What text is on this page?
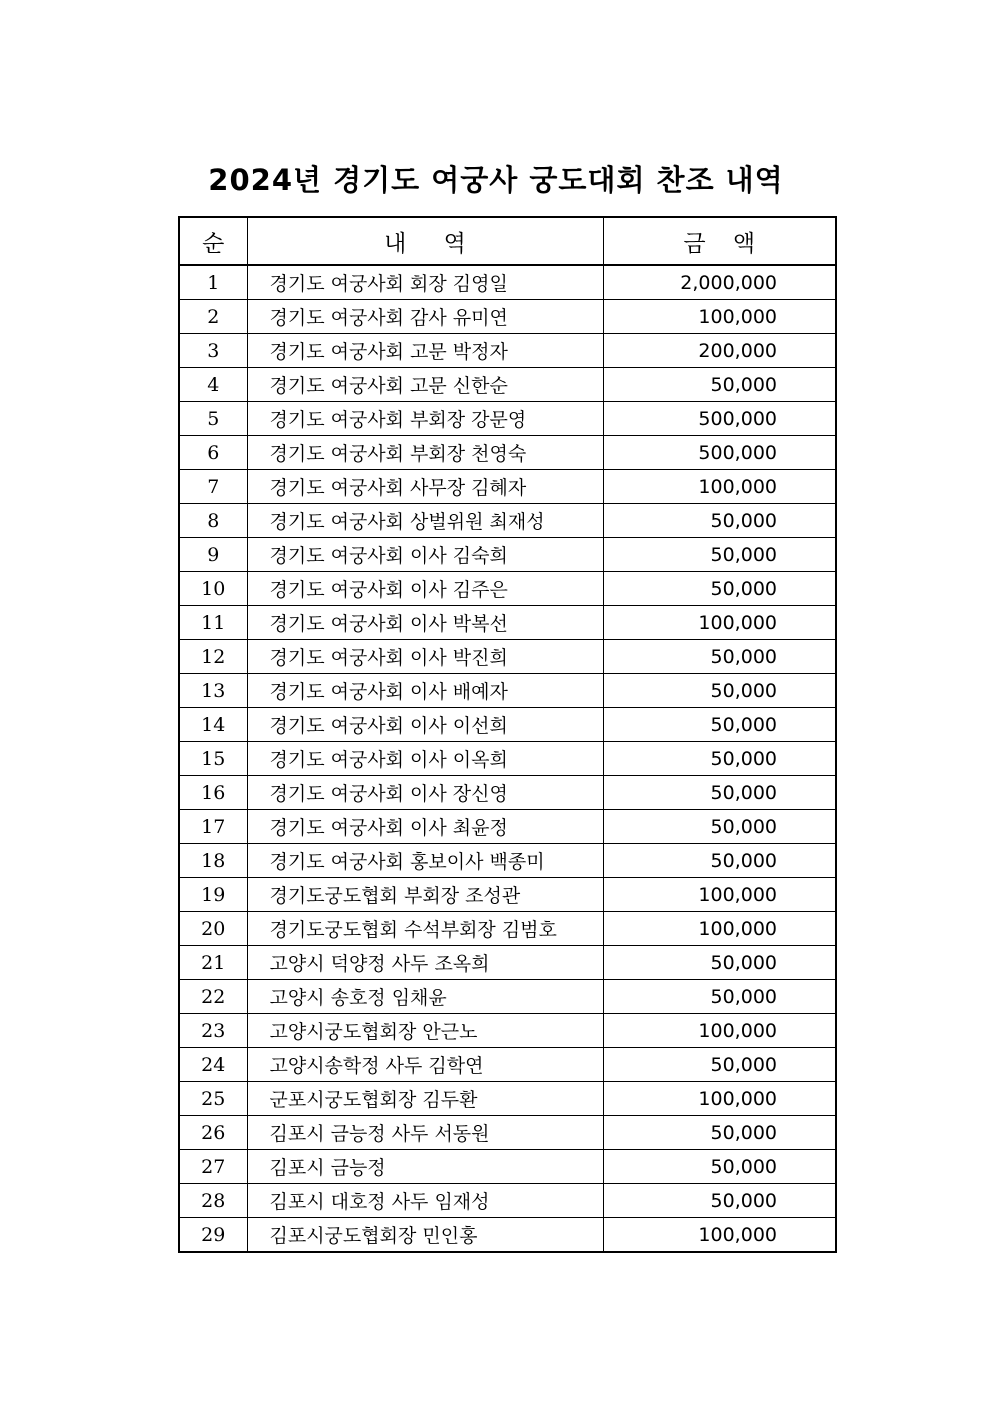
2024년 경기도 여궁사 궁도대회 찬조 내역
순	내 역	금 액
1	경기도 여궁사회 회장 김영일	2,000,000
2	경기도 여궁사회 감사 유미연	100,000
3	경기도 여궁사회 고문 박정자	200,000
4	경기도 여궁사회 고문 신한순	50,000
5	경기도 여궁사회 부회장 강문영	500,000
6	경기도 여궁사회 부회장 천영숙	500,000
7	경기도 여궁사회 사무장 김혜자	100,000
8	경기도 여궁사회 상벌위원 최재성	50,000
9	경기도 여궁사회 이사 김숙희	50,000
10	경기도 여궁사회 이사 김주은	50,000
11	경기도 여궁사회 이사 박복선	100,000
12	경기도 여궁사회 이사 박진희	50,000
13	경기도 여궁사회 이사 배예자	50,000
14	경기도 여궁사회 이사 이선희	50,000
15	경기도 여궁사회 이사 이옥희	50,000
16	경기도 여궁사회 이사 장신영	50,000
17	경기도 여궁사회 이사 최윤정	50,000
18	경기도 여궁사회 홍보이사 백종미	50,000
19	경기도궁도협회 부회장 조성관	100,000
20	경기도궁도협회 수석부회장 김범호	100,000
21	고양시 덕양정 사두 조옥희	50,000
22	고양시 송호정 임채윤	50,000
23	고양시궁도협회장 안근노	100,000
24	고양시송학정 사두 김학연	50,000
25	군포시궁도협회장 김두환	100,000
26	김포시 금능정 사두 서동원	50,000
27	김포시 금능정	50,000
28	김포시 대호정 사두 임재성	50,000
29	김포시궁도협회장 민인홍	100,000
